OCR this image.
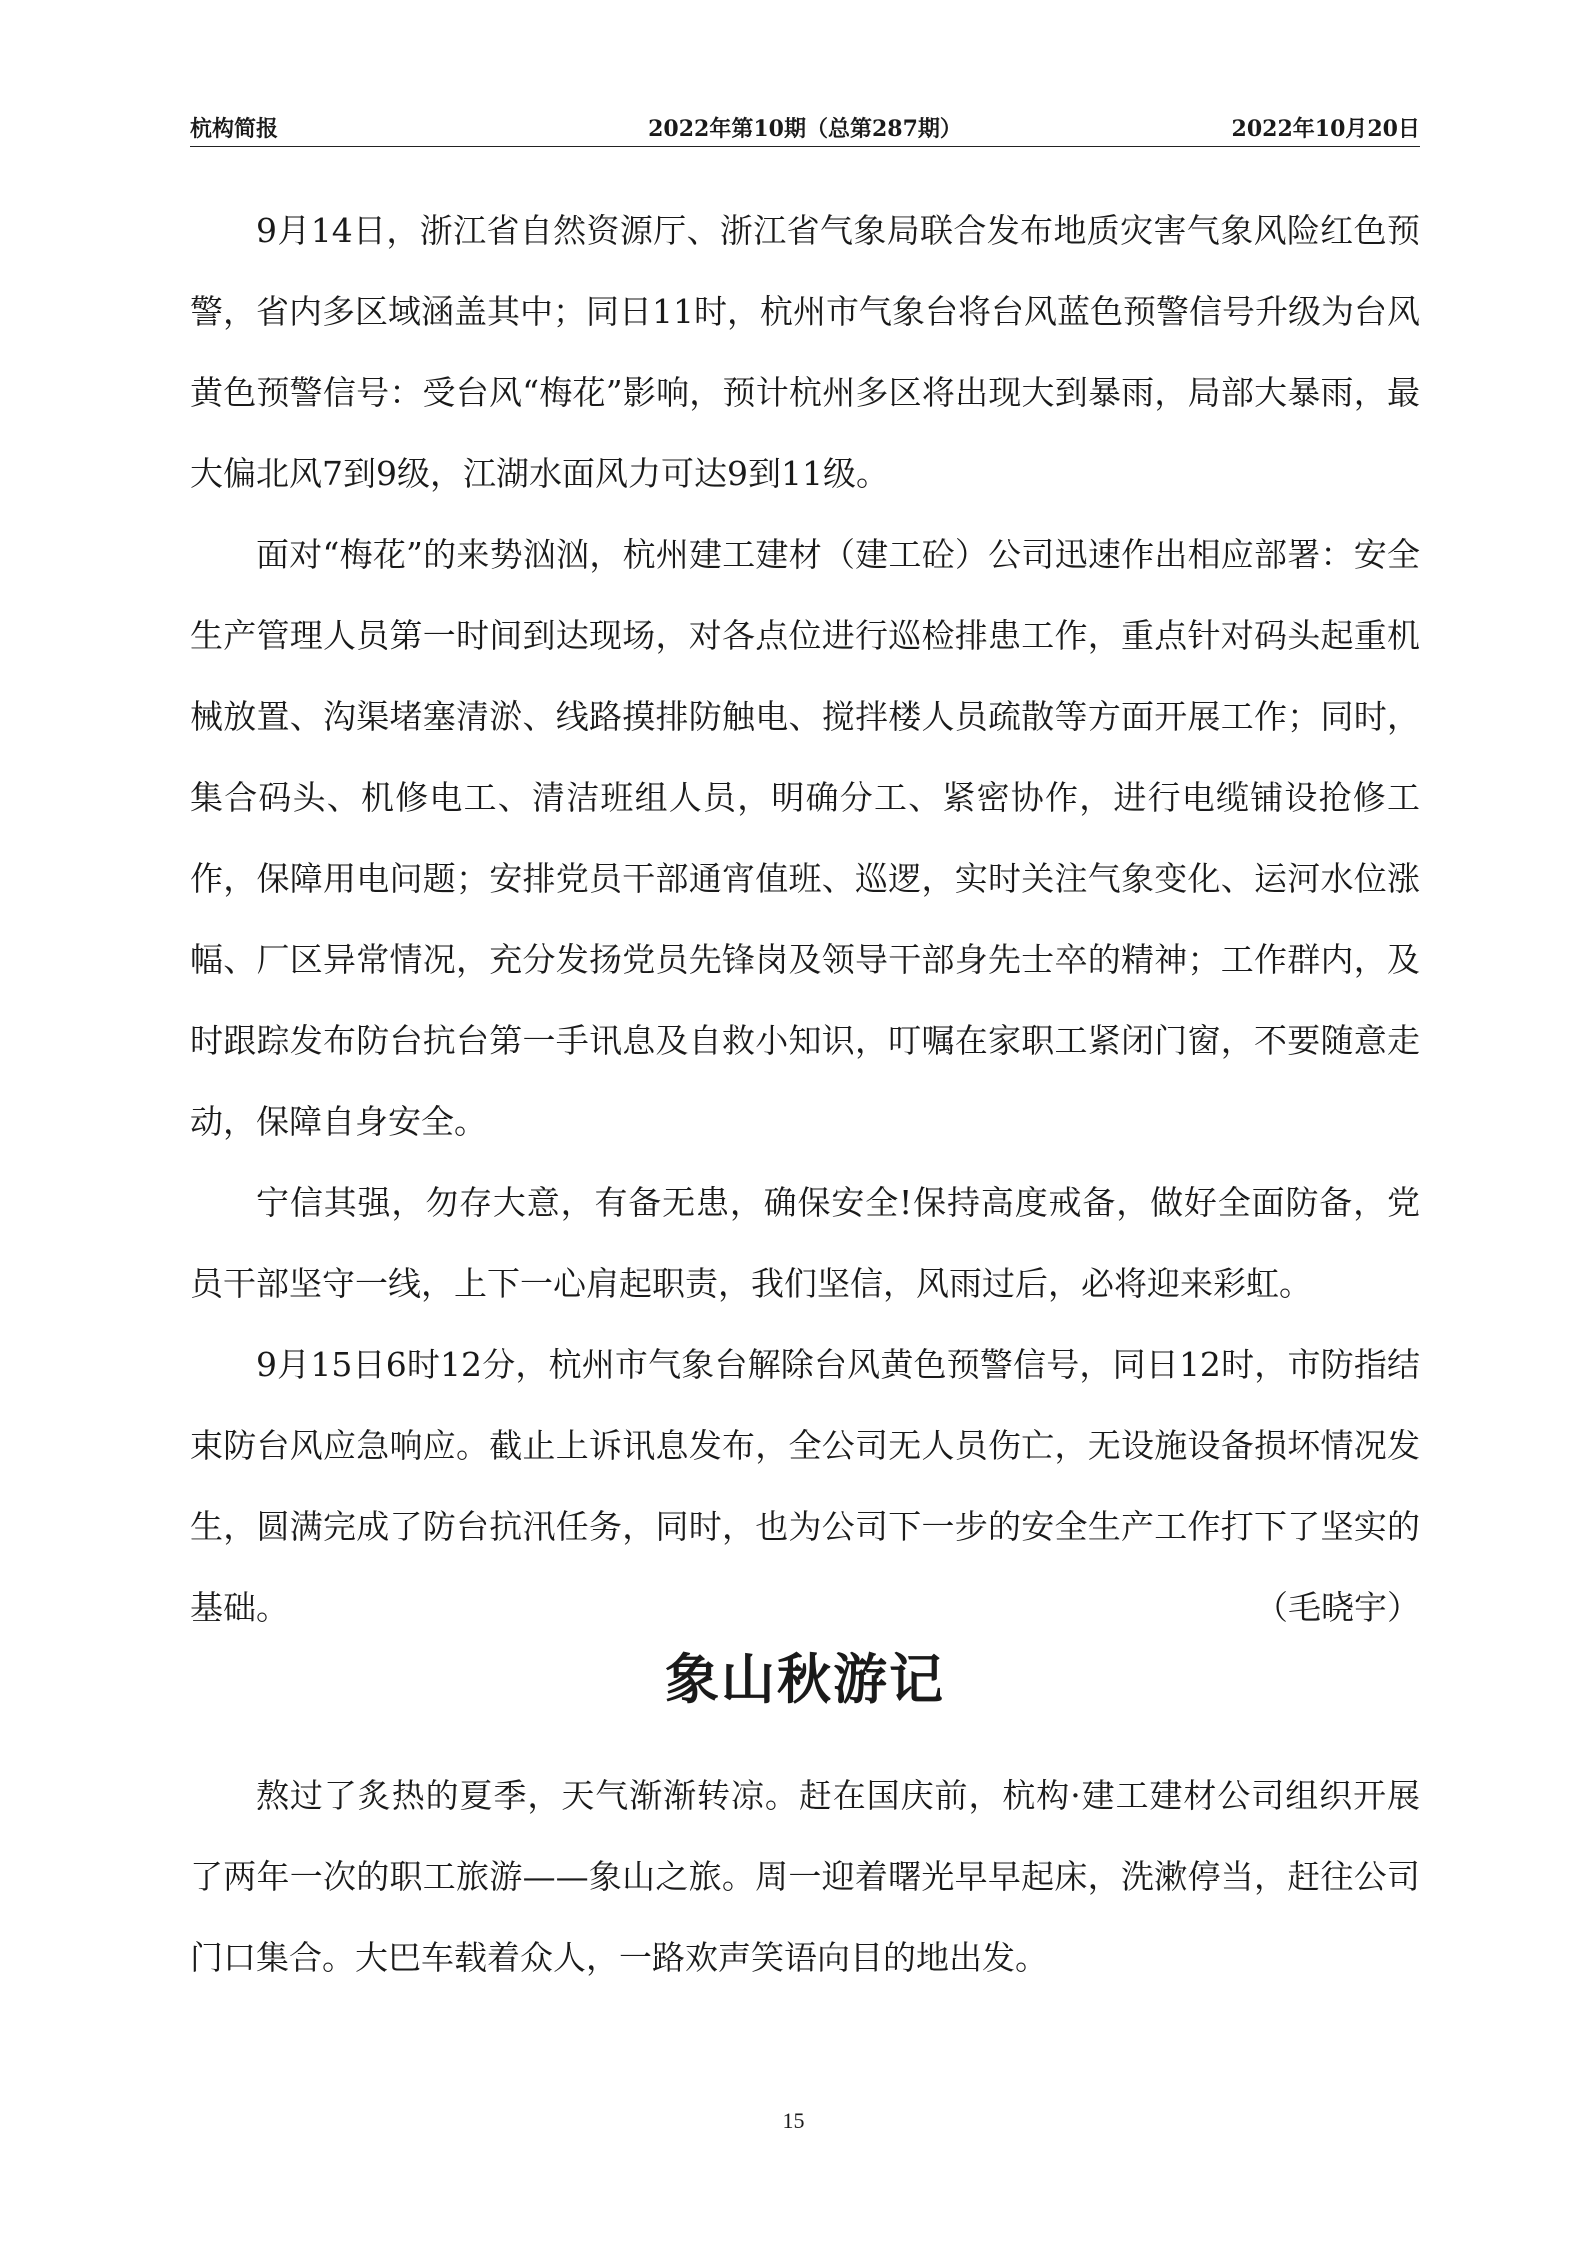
杭构简报	2022年第10期（总第287期）	2022年10月20日

9月14日，浙江省自然资源厅、浙江省气象局联合发布地质灾害气象风险红色预警，省内多区域涵盖其中；同日11时，杭州市气象台将台风蓝色预警信号升级为台风黄色预警信号：受台风“梅花”影响，预计杭州多区将出现大到暴雨，局部大暴雨，最大偏北风7到9级，江湖水面风力可达9到11级。

面对“梅花”的来势汹汹，杭州建工建材（建工砼）公司迅速作出相应部署：安全生产管理人员第一时间到达现场，对各点位进行巡检排患工作，重点针对码头起重机械放置、沟渠堵塞清淤、线路摸排防触电、搅拌楼人员疏散等方面开展工作；同时，集合码头、机修电工、清洁班组人员，明确分工、紧密协作，进行电缆铺设抢修工作，保障用电问题；安排党员干部通宵值班、巡逻，实时关注气象变化、运河水位涨幅、厂区异常情况，充分发扬党员先锋岗及领导干部身先士卒的精神；工作群内，及时跟踪发布防台抗台第一手讯息及自救小知识，叮嘱在家职工紧闭门窗，不要随意走动，保障自身安全。

宁信其强，勿存大意，有备无患，确保安全!保持高度戒备，做好全面防备，党员干部坚守一线，上下一心肩起职责，我们坚信，风雨过后，必将迎来彩虹。

9月15日6时12分，杭州市气象台解除台风黄色预警信号，同日12时，市防指结束防台风应急响应。截止上诉讯息发布，全公司无人员伤亡，无设施设备损坏情况发生，圆满完成了防台抗汛任务，同时，也为公司下一步的安全生产工作打下了坚实的基础。	（毛晓宇）
象山秋游记

熬过了炙热的夏季，天气渐渐转凉。赶在国庆前，杭构·建工建材公司组织开展了两年一次的职工旅游——象山之旅。周一迎着曙光早早起床，洗漱停当，赶往公司门口集合。大巴车载着众人，一路欢声笑语向目的地出发。

15
